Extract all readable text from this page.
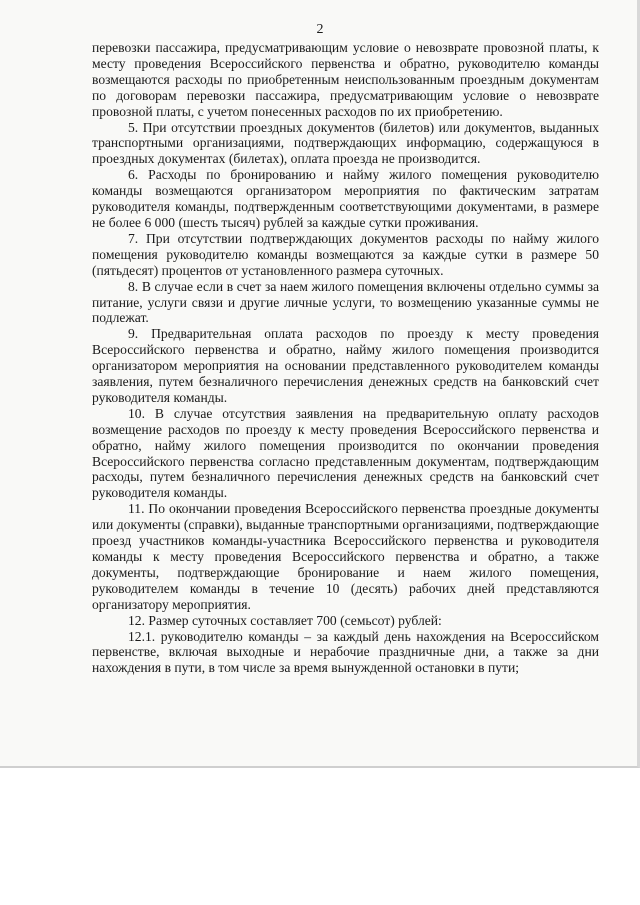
2

перевозки пассажира, предусматривающим условие о невозврате провозной платы, к месту проведения Всероссийского первенства и обратно, руководителю команды возмещаются расходы по приобретенным неиспользованным проездным документам по договорам перевозки пассажира, предусматривающим условие о невозврате провозной платы, с учетом понесенных расходов по их приобретению.

5. При отсутствии проездных документов (билетов) или документов, выданных транспортными организациями, подтверждающих информацию, содержащуюся в проездных документах (билетах), оплата проезда не производится.

6. Расходы по бронированию и найму жилого помещения руководителю команды возмещаются организатором мероприятия по фактическим затратам руководителя команды, подтвержденным соответствующими документами, в размере не более 6 000 (шесть тысяч) рублей за каждые сутки проживания.

7. При отсутствии подтверждающих документов расходы по найму жилого помещения руководителю команды возмещаются за каждые сутки в размере 50 (пятьдесят) процентов от установленного размера суточных.

8. В случае если в счет за наем жилого помещения включены отдельно суммы за питание, услуги связи и другие личные услуги, то возмещению указанные суммы не подлежат.

9. Предварительная оплата расходов по проезду к месту проведения Всероссийского первенства и обратно, найму жилого помещения производится организатором мероприятия на основании представленного руководителем команды заявления, путем безналичного перечисления денежных средств на банковский счет руководителя команды.

10. В случае отсутствия заявления на предварительную оплату расходов возмещение расходов по проезду к месту проведения Всероссийского первенства и обратно, найму жилого помещения производится по окончании проведения Всероссийского первенства согласно представленным документам, подтверждающим расходы, путем безналичного перечисления денежных средств на банковский счет руководителя команды.

11. По окончании проведения Всероссийского первенства проездные документы или документы (справки), выданные транспортными организациями, подтверждающие проезд участников команды-участника Всероссийского первенства и руководителя команды к месту проведения Всероссийского первенства и обратно, а также документы, подтверждающие бронирование и наем жилого помещения, руководителем команды в течение 10 (десять) рабочих дней представляются организатору мероприятия.

12. Размер суточных составляет 700 (семьсот) рублей:

12.1. руководителю команды – за каждый день нахождения на Всероссийском первенстве, включая выходные и нерабочие праздничные дни, а также за дни нахождения в пути, в том числе за время вынужденной остановки в пути;
